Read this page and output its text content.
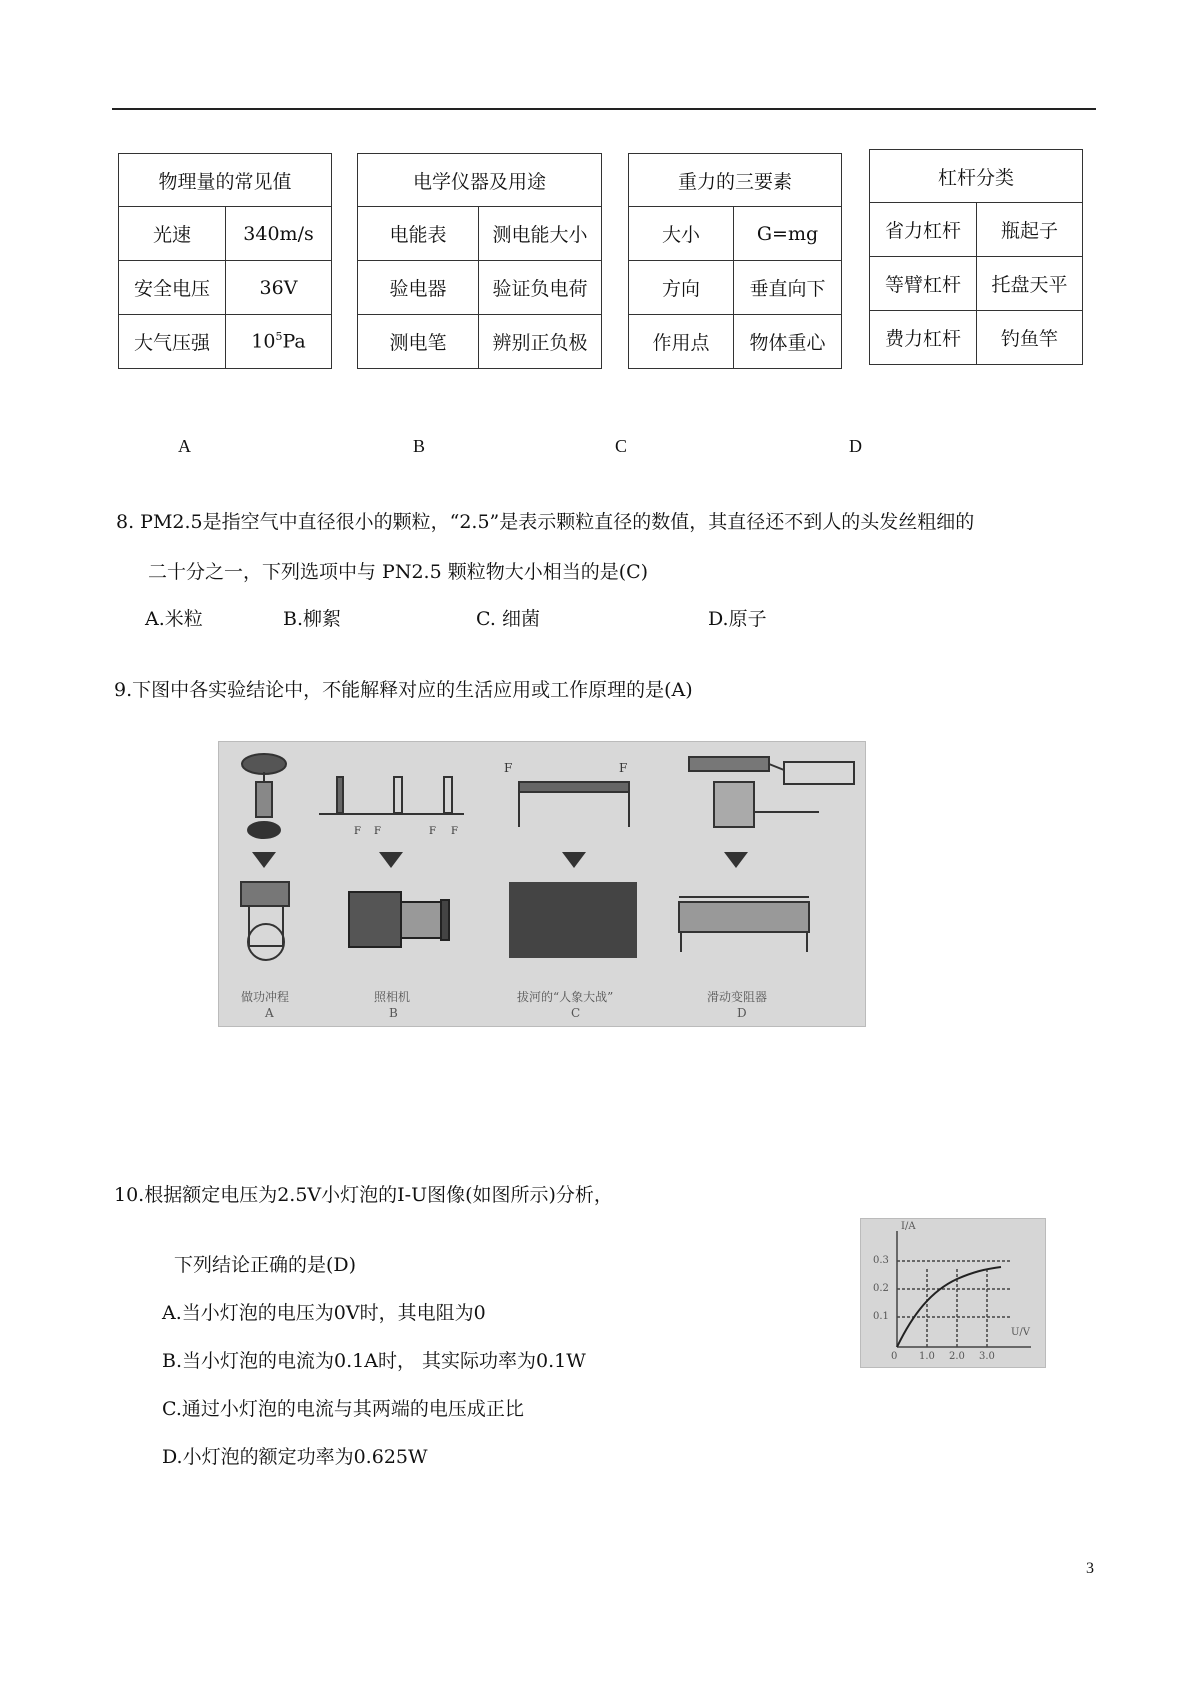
物理量的常见值	
光速	340m/s
安全电压	36V
大气压强	$10^5Pa$
电学仪器及用途	
电能表	测电能大小
验电器	验证负电荷
测电笔	辨别正负极
重力的三要素	
大小	G=mg
方向	垂直向下
作用点	物体重心
杠杆分类	
省力杠杆	瓶起子
等臂杠杆	托盘天平
费力杠杆	钓鱼竿
A	B	C	D
8. PM2.5是指空气中直径很小的颗粒，“2.5”是表示颗粒直径的数值，其直径还不到人的头发丝粗细的
二十分之一，下列选项中与 PN2.5 颗粒物大小相当的是(C)
A.米粒	B.柳絮	C. 细菌	D.原子
9.下图中各实验结论中，不能解释对应的生活应用或工作原理的是(A)
F F	F F
F	F
做功冲程	照相机	拔河的“人象大战”	滑动变阻器
A	B	C	D
10.根据额定电压为2.5V小灯泡的I-U图像(如图所示)分析，
下列结论正确的是(D)
A.当小灯泡的电压为0V时，其电阻为0
B.当小灯泡的电流为0.1A时， 其实际功率为0.1W
C.通过小灯泡的电流与其两端的电压成正比
D.小灯泡的额定功率为0.625W
I/A
U/V
0.3
0.2
0.1
0 1.0 2.0 3.0
3
